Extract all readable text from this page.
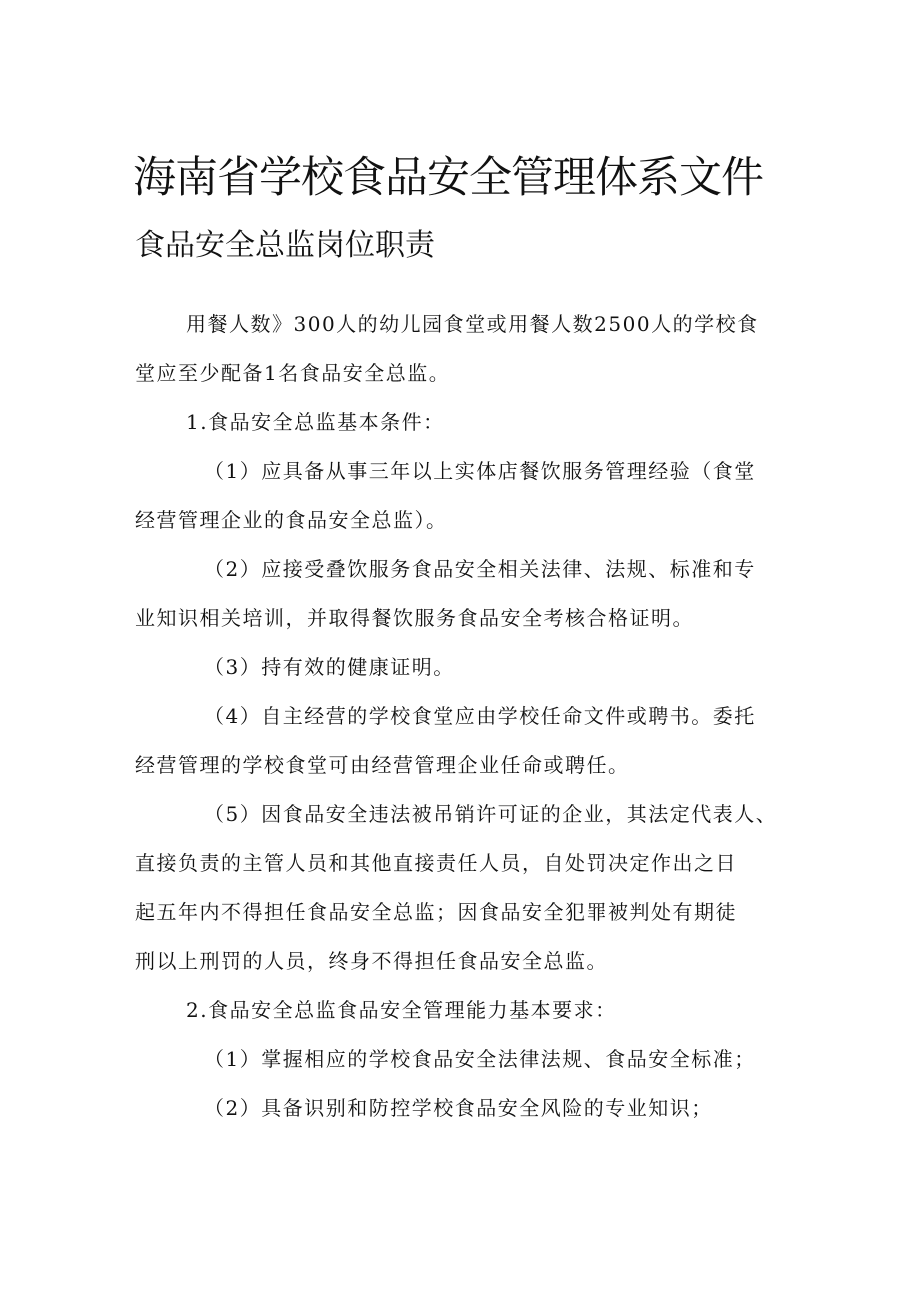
海南省学校食品安全管理体系文件
食品安全总监岗位职责
用餐人数》300人的幼儿园食堂或用餐人数2500人的学校食
堂应至少配备1名食品安全总监。
1.食品安全总监基本条件：
（1）应具备从事三年以上实体店餐饮服务管理经验（食堂
经营管理企业的食品安全总监）。
（2）应接受叠饮服务食品安全相关法律、法规、标准和专
业知识相关培训，并取得餐饮服务食品安全考核合格证明。
（3）持有效的健康证明。
（4）自主经营的学校食堂应由学校任命文件或聘书。委托
经营管理的学校食堂可由经营管理企业任命或聘任。
（5）因食品安全违法被吊销许可证的企业，其法定代表人、
直接负责的主管人员和其他直接责任人员，自处罚决定作出之日
起五年内不得担任食品安全总监；因食品安全犯罪被判处有期徒
刑以上刑罚的人员，终身不得担任食品安全总监。
2.食品安全总监食品安全管理能力基本要求：
（1）掌握相应的学校食品安全法律法规、食品安全标准；
（2）具备识别和防控学校食品安全风险的专业知识；
